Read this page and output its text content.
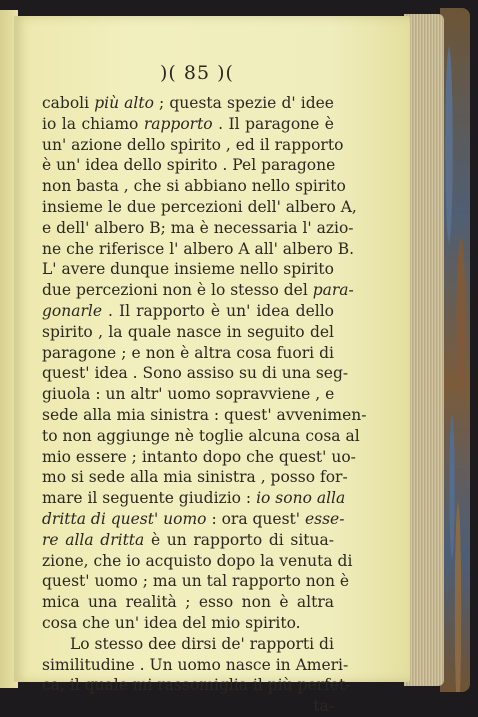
)( 85 )(
caboli più alto ; questa spezie d' idee
io la chiamo rapporto . Il paragone è
un' azione dello spirito , ed il rapporto
è un' idea dello spirito . Pel paragone
non basta , che si abbiano nello spirito
insieme le due percezioni dell' albero A,
e dell' albero B; ma è necessaria l' azio-
ne che riferisce l' albero A all' albero B.
L' avere dunque insieme nello spirito
due percezioni non è lo stesso del para-
gonarle . Il rapporto è un' idea dello
spirito , la quale nasce in seguito del
paragone ; e non è altra cosa fuori di
quest' idea . Sono assiso su di una seg-
giuola : un altr' uomo sopravviene , e
sede alla mia sinistra : quest' avvenimen-
to non aggiunge nè toglie alcuna cosa al
mio essere ; intanto dopo che quest' uo-
mo si sede alla mia sinistra , posso for-
mare il seguente giudizio : io sono alla
dritta di quest' uomo : ora quest' esse-
re alla dritta è un rapporto di situa-
zione, che io acquisto dopo la venuta di
quest' uomo ; ma un tal rapporto non è
mica una realità ; esso non è altra
cosa che un' idea del mio spirito.
Lo stesso dee dirsi de' rapporti di
similitudine . Un uomo nasce in Ameri-
ca, il quale mi rassomiglia il più perfet-
ta-
